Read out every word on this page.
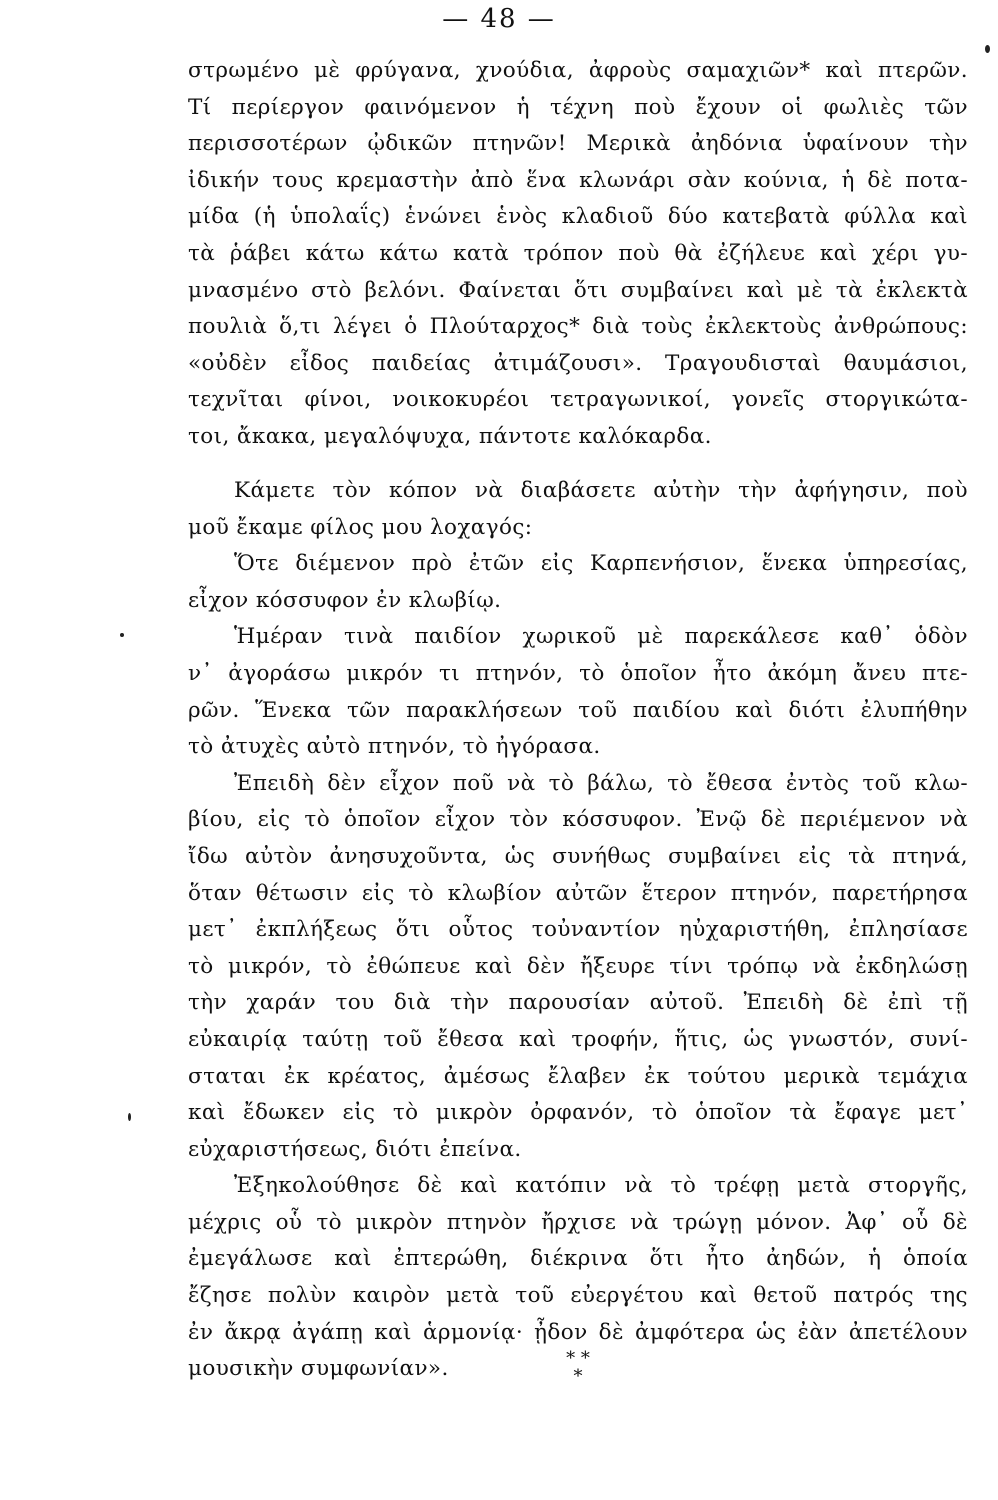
— 48 —
στρωμένο μὲ φρύγανα, χνούδια, ἀφροὺς σαμαχιῶν* καὶ πτερῶν.
Τί περίεργον φαινόμενον ἡ τέχνη ποὺ ἔχουν οἱ φωλιὲς τῶν
περισσοτέρων ᾠδικῶν πτηνῶν! Μερικὰ ἀηδόνια ὑφαίνουν τὴν
ἰδικήν τους κρεμαστὴν ἀπὸ ἕνα κλωνάρι σὰν κούνια, ἡ δὲ ποτα-
μίδα (ἡ ὑπολαΐς) ἑνώνει ἑνὸς κλαδιοῦ δύο κατεβατὰ φύλλα καὶ
τὰ ῥάβει κάτω κάτω κατὰ τρόπον ποὺ θὰ ἐζήλευε καὶ χέρι γυ-
μνασμένο στὸ βελόνι. Φαίνεται ὅτι συμβαίνει καὶ μὲ τὰ ἐκλεκτὰ
πουλιὰ ὅ,τι λέγει ὁ Πλούταρχος* διὰ τοὺς ἐκλεκτοὺς ἀνθρώπους:
«οὐδὲν εἶδος παιδείας ἀτιμάζουσι». Τραγουδισταὶ θαυμάσιοι,
τεχνῖται φίνοι, νοικοκυρέοι τετραγωνικοί, γονεῖς στοργικώτα-
τοι, ἄκακα, μεγαλόψυχα, πάντοτε καλόκαρδα.
Κάμετε τὸν κόπον νὰ διαβάσετε αὐτὴν τὴν ἀφήγησιν, ποὺ
μοῦ ἔκαμε φίλος μου λοχαγός:
Ὅτε διέμενον πρὸ ἐτῶν εἰς Καρπενήσιον, ἕνεκα ὑπηρεσίας,
εἶχον κόσσυφον ἐν κλωβίῳ.
Ἡμέραν τινὰ παιδίον χωρικοῦ μὲ παρεκάλεσε καθ᾽ ὁδὸν
ν᾽ ἀγοράσω μικρόν τι πτηνόν, τὸ ὁποῖον ἦτο ἀκόμη ἄνευ πτε-
ρῶν. Ἕνεκα τῶν παρακλήσεων τοῦ παιδίου καὶ διότι ἐλυπήθην
τὸ ἀτυχὲς αὐτὸ πτηνόν, τὸ ἠγόρασα.
Ἐπειδὴ δὲν εἶχον ποῦ νὰ τὸ βάλω, τὸ ἔθεσα ἐντὸς τοῦ κλω-
βίου, εἰς τὸ ὁποῖον εἶχον τὸν κόσσυφον. Ἐνῷ δὲ περιέμενον νὰ
ἴδω αὐτὸν ἀνησυχοῦντα, ὡς συνήθως συμβαίνει εἰς τὰ πτηνά,
ὅταν θέτωσιν εἰς τὸ κλωβίον αὐτῶν ἕτερον πτηνόν, παρετήρησα
μετ᾽ ἐκπλήξεως ὅτι οὗτος τοὐναντίον ηὐχαριστήθη, ἐπλησίασε
τὸ μικρόν, τὸ ἐθώπευε καὶ δὲν ἤξευρε τίνι τρόπῳ νὰ ἐκδηλώσῃ
τὴν χαράν του διὰ τὴν παρουσίαν αὐτοῦ. Ἐπειδὴ δὲ ἐπὶ τῇ
εὐκαιρίᾳ ταύτῃ τοῦ ἔθεσα καὶ τροφήν, ἥτις, ὡς γνωστόν, συνί-
σταται ἐκ κρέατος, ἀμέσως ἔλαβεν ἐκ τούτου μερικὰ τεμάχια
καὶ ἔδωκεν εἰς τὸ μικρὸν ὀρφανόν, τὸ ὁποῖον τὰ ἔφαγε μετ᾽
εὐχαριστήσεως, διότι ἐπείνα.
Ἐξηκολούθησε δὲ καὶ κατόπιν νὰ τὸ τρέφῃ μετὰ στοργῆς,
μέχρις οὗ τὸ μικρὸν πτηνὸν ἤρχισε νὰ τρώγῃ μόνον. Ἀφ᾽ οὗ δὲ
ἐμεγάλωσε καὶ ἐπτερώθη, διέκρινα ὅτι ἦτο ἀηδών, ἡ ὁποία
ἔζησε πολὺν καιρὸν μετὰ τοῦ εὐεργέτου καὶ θετοῦ πατρός της
ἐν ἄκρᾳ ἀγάπῃ καὶ ἁρμονίᾳ· ᾖδον δὲ ἀμφότερα ὡς ἐὰν ἀπετέλουν
μουσικὴν συμφωνίαν».	* *
*
